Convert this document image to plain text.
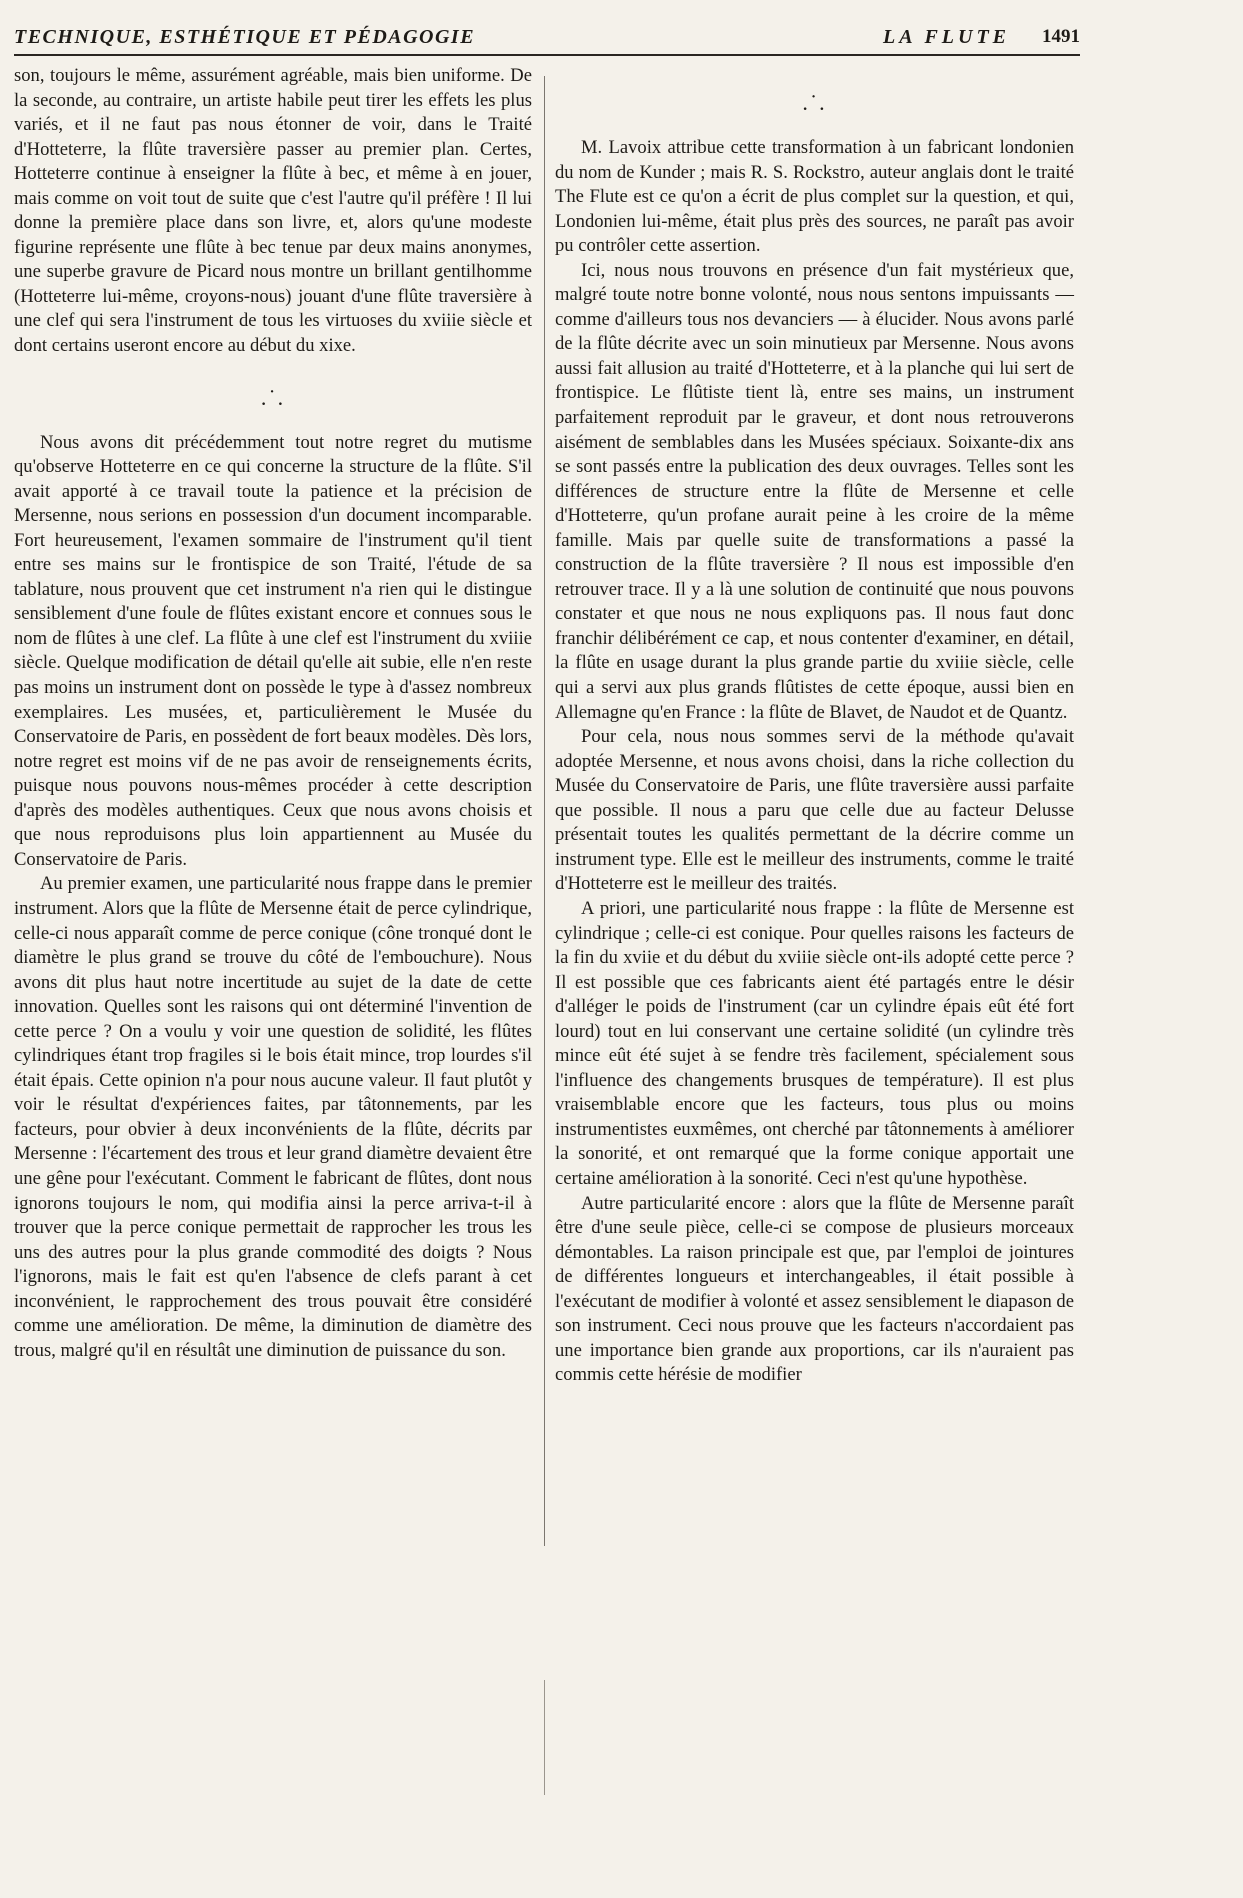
TECHNIQUE, ESTHÉTIQUE ET PÉDAGOGIE	LA FLUTE 1491

son, toujours le même, assurément agréable, mais bien uniforme. De la seconde, au contraire, un artiste habile peut tirer les effets les plus variés, et il ne faut pas nous étonner de voir, dans le Traité d'Hotteterre, la flûte traversière passer au premier plan. Certes, Hotteterre continue à enseigner la flûte à bec, et même à en jouer, mais comme on voit tout de suite que c'est l'autre qu'il préfère ! Il lui donne la première place dans son livre, et, alors qu'une modeste figurine représente une flûte à bec tenue par deux mains anonymes, une superbe gravure de Picard nous montre un brillant gentilhomme (Hotteterre lui-même, croyons-nous) jouant d'une flûte traversière à une clef qui sera l'instrument de tous les virtuoses du xviiie siècle et dont certains useront encore au début du xixe.

.˙.

Nous avons dit précédemment tout notre regret du mutisme qu'observe Hotteterre en ce qui concerne la structure de la flûte. S'il avait apporté à ce travail toute la patience et la précision de Mersenne, nous serions en possession d'un document incomparable. Fort heureusement, l'examen sommaire de l'instrument qu'il tient entre ses mains sur le frontispice de son Traité, l'étude de sa tablature, nous prouvent que cet instrument n'a rien qui le distingue sensiblement d'une foule de flûtes existant encore et connues sous le nom de flûtes à une clef. La flûte à une clef est l'instrument du xviiie siècle. Quelque modification de détail qu'elle ait subie, elle n'en reste pas moins un instrument dont on possède le type à d'assez nombreux exemplaires. Les musées, et, particulièrement le Musée du Conservatoire de Paris, en possèdent de fort beaux modèles. Dès lors, notre regret est moins vif de ne pas avoir de renseignements écrits, puisque nous pouvons nous-mêmes procéder à cette description d'après des modèles authentiques. Ceux que nous avons choisis et que nous reproduisons plus loin appartiennent au Musée du Conservatoire de Paris.

Au premier examen, une particularité nous frappe dans le premier instrument. Alors que la flûte de Mersenne était de perce cylindrique, celle-ci nous apparaît comme de perce conique (cône tronqué dont le diamètre le plus grand se trouve du côté de l'embouchure). Nous avons dit plus haut notre incertitude au sujet de la date de cette innovation. Quelles sont les raisons qui ont déterminé l'invention de cette perce ? On a voulu y voir une question de solidité, les flûtes cylindriques étant trop fragiles si le bois était mince, trop lourdes s'il était épais. Cette opinion n'a pour nous aucune valeur. Il faut plutôt y voir le résultat d'expériences faites, par tâtonnements, par les facteurs, pour obvier à deux inconvénients de la flûte, décrits par Mersenne : l'écartement des trous et leur grand diamètre devaient être une gêne pour l'exécutant. Comment le fabricant de flûtes, dont nous ignorons toujours le nom, qui modifia ainsi la perce arriva-t-il à trouver que la perce conique permettait de rapprocher les trous les uns des autres pour la plus grande commodité des doigts ? Nous l'ignorons, mais le fait est qu'en l'absence de clefs parant à cet inconvénient, le rapprochement des trous pouvait être considéré comme une amélioration. De même, la diminution de diamètre des trous, malgré qu'il en résultât une diminution de puissance du son.

.˙.

M. Lavoix attribue cette transformation à un fabricant londonien du nom de Kunder ; mais R. S. Rockstro, auteur anglais dont le traité The Flute est ce qu'on a écrit de plus complet sur la question, et qui, Londonien lui-même, était plus près des sources, ne paraît pas avoir pu contrôler cette assertion.

Ici, nous nous trouvons en présence d'un fait mystérieux que, malgré toute notre bonne volonté, nous nous sentons impuissants — comme d'ailleurs tous nos devanciers — à élucider. Nous avons parlé de la flûte décrite avec un soin minutieux par Mersenne. Nous avons aussi fait allusion au traité d'Hotteterre, et à la planche qui lui sert de frontispice. Le flûtiste tient là, entre ses mains, un instrument parfaitement reproduit par le graveur, et dont nous retrouverons aisément de semblables dans les Musées spéciaux. Soixante-dix ans se sont passés entre la publication des deux ouvrages. Telles sont les différences de structure entre la flûte de Mersenne et celle d'Hotteterre, qu'un profane aurait peine à les croire de la même famille. Mais par quelle suite de transformations a passé la construction de la flûte traversière ? Il nous est impossible d'en retrouver trace. Il y a là une solution de continuité que nous pouvons constater et que nous ne nous expliquons pas. Il nous faut donc franchir délibérément ce cap, et nous contenter d'examiner, en détail, la flûte en usage durant la plus grande partie du xviiie siècle, celle qui a servi aux plus grands flûtistes de cette époque, aussi bien en Allemagne qu'en France : la flûte de Blavet, de Naudot et de Quantz.

Pour cela, nous nous sommes servi de la méthode qu'avait adoptée Mersenne, et nous avons choisi, dans la riche collection du Musée du Conservatoire de Paris, une flûte traversière aussi parfaite que possible. Il nous a paru que celle due au facteur Delusse présentait toutes les qualités permettant de la décrire comme un instrument type. Elle est le meilleur des instruments, comme le traité d'Hotteterre est le meilleur des traités.

A priori, une particularité nous frappe : la flûte de Mersenne est cylindrique ; celle-ci est conique. Pour quelles raisons les facteurs de la fin du xviie et du début du xviiie siècle ont-ils adopté cette perce ? Il est possible que ces fabricants aient été partagés entre le désir d'alléger le poids de l'instrument (car un cylindre épais eût été fort lourd) tout en lui conservant une certaine solidité (un cylindre très mince eût été sujet à se fendre très facilement, spécialement sous l'influence des changements brusques de température). Il est plus vraisemblable encore que les facteurs, tous plus ou moins instrumentistes euxmêmes, ont cherché par tâtonnements à améliorer la sonorité, et ont remarqué que la forme conique apportait une certaine amélioration à la sonorité. Ceci n'est qu'une hypothèse.

Autre particularité encore : alors que la flûte de Mersenne paraît être d'une seule pièce, celle-ci se compose de plusieurs morceaux démontables. La raison principale est que, par l'emploi de jointures de différentes longueurs et interchangeables, il était possible à l'exécutant de modifier à volonté et assez sensiblement le diapason de son instrument. Ceci nous prouve que les facteurs n'accordaient pas une importance bien grande aux proportions, car ils n'auraient pas commis cette hérésie de modifier
